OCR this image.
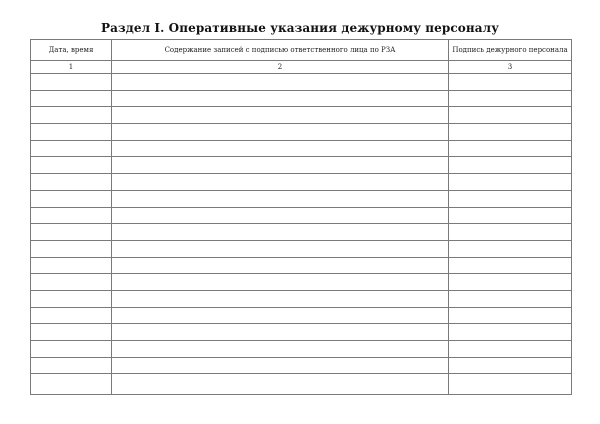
Раздел I. Оперативные указания дежурному персоналу
Дата, время	Содержание записей с подписью ответственного лица по РЗА	Подпись дежурного персонала
1	2	3
